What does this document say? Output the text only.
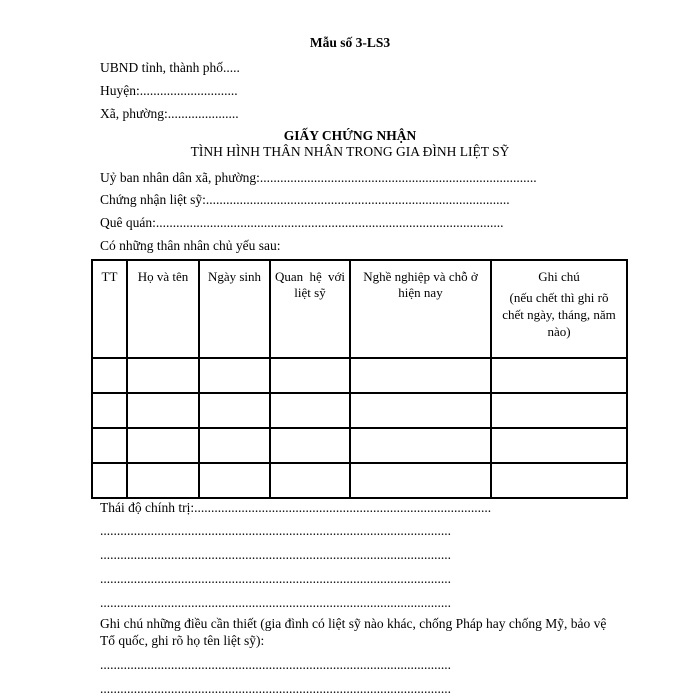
Mẫu số 3-LS3
UBND tỉnh, thành phố.....
Huyện:.............................
Xã, phường:.....................
GIẤY CHỨNG NHẬN
TÌNH HÌNH THÂN NHÂN TRONG GIA ĐÌNH LIỆT SỸ
Uỷ ban nhân dân xã, phường:..................................................................................
Chứng nhận liệt sỹ:..........................................................................................
Quê quán:.......................................................................................................
Có những thân nhân chủ yếu sau:
TT	Họ và tên	Ngày sinh	Quan hệ với liệt sỹ	Nghề nghiệp và chỗ ở hiện nay	Ghi chú
(nếu chết thì ghi rõ chết ngày, tháng, năm nào)

Thái độ chính trị:........................................................................................
........................................................................................................
........................................................................................................
........................................................................................................
........................................................................................................
Ghi chú những điều cần thiết (gia đình có liệt sỹ nào khác, chống Pháp hay chống Mỹ, bảo vệ
Tổ quốc, ghi rõ họ tên liệt sỹ):
........................................................................................................
........................................................................................................
